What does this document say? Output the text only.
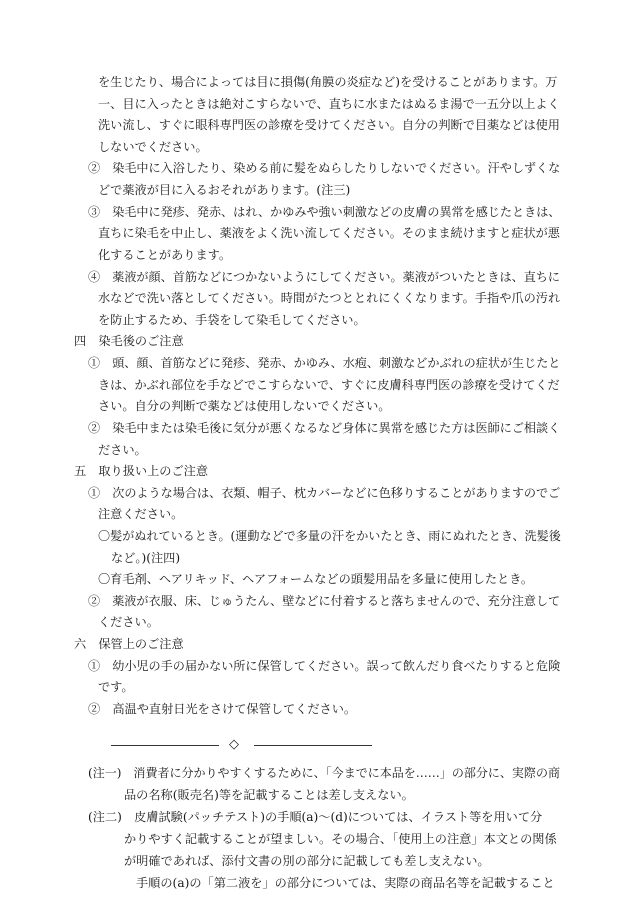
を生じたり、場合によっては目に損傷(角膜の炎症など)を受けることがあります。万
一、目に入ったときは絶対こすらないで、直ちに水またはぬるま湯で一五分以上よく
洗い流し、すぐに眼科専門医の診療を受けてください。自分の判断で目薬などは使用
しないでください。
②　染毛中に入浴したり、染める前に髪をぬらしたりしないでください。汗やしずくな
どで薬液が目に入るおそれがあります。(注三)
③　染毛中に発疹、発赤、はれ、かゆみや強い刺激などの皮膚の異常を感じたときは、
直ちに染毛を中止し、薬液をよく洗い流してください。そのまま続けますと症状が悪
化することがあります。
④　薬液が顔、首筋などにつかないようにしてください。薬液がついたときは、直ちに
水などで洗い落としてください。時間がたつととれにくくなります。手指や爪の汚れ
を防止するため、手袋をして染毛してください。
四　染毛後のご注意
①　頭、顔、首筋などに発疹、発赤、かゆみ、水疱、刺激などかぶれの症状が生じたと
きは、かぶれ部位を手などでこすらないで、すぐに皮膚科専門医の診療を受けてくだ
さい。自分の判断で薬などは使用しないでください。
②　染毛中または染毛後に気分が悪くなるなど身体に異常を感じた方は医師にご相談く
ださい。
五　取り扱い上のご注意
①　次のような場合は、衣類、帽子、枕カバーなどに色移りすることがありますのでご
注意ください。
〇髪がぬれているとき。(運動などで多量の汗をかいたとき、雨にぬれたとき、洗髪後
など。)(注四)
〇育毛剤、ヘアリキッド、ヘアフォームなどの頭髪用品を多量に使用したとき。
②　薬液が衣服、床、じゅうたん、壁などに付着すると落ちませんので、充分注意して
ください。
六　保管上のご注意
①　幼小児の手の届かない所に保管してください。誤って飲んだり食べたりすると危険
です。
②　高温や直射日光をさけて保管してください。
◇
(注一)　消費者に分かりやすくするために、「今までに本品を……」の部分に、実際の商
品の名称(販売名)等を記載することは差し支えない。
(注二)　皮膚試験(パッチテスト)の手順(a)〜(d)については、イラスト等を用いて分
かりやすく記載することが望ましい。その場合、「使用上の注意」本文との関係
が明確であれば、添付文書の別の部分に記載しても差し支えない。
手順の(a)の「第二液を」の部分については、実際の商品名等を記載すること
